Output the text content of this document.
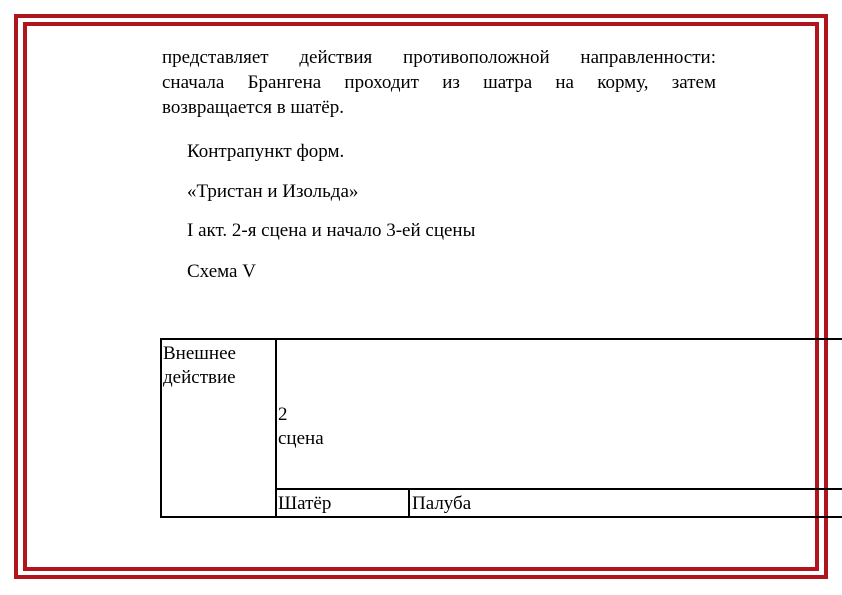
представляет действия противоположной направленности:
сначала Брангена проходит из шатра на корму, затем
возвращается в шатёр.
Контрапункт форм.
«Тристан и Изольда»
I акт. 2-я сцена и начало 3-ей сцены
Схема V
Внешнее действие
2 сцена
Шатёр	Палуба
